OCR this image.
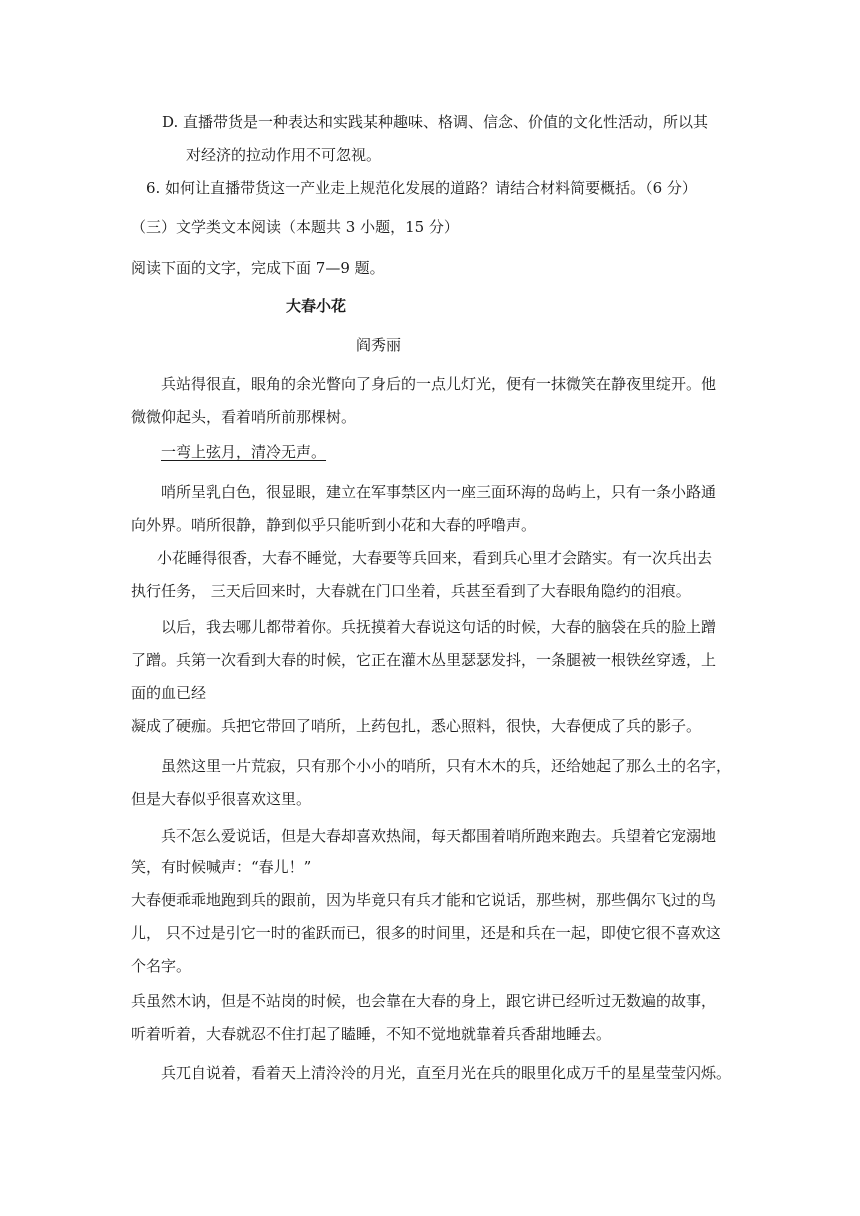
D. 直播带货是一种表达和实践某种趣味、格调、信念、价值的文化性活动，所以其
对经济的拉动作用不可忽视。
6. 如何让直播带货这一产业走上规范化发展的道路？请结合材料简要概括。（6 分）
（三）文学类文本阅读（本题共 3 小题，15 分）
阅读下面的文字，完成下面 7—9 题。
大春小花
阎秀丽
兵站得很直，眼角的余光瞥向了身后的一点儿灯光，便有一抹微笑在静夜里绽开。他
微微仰起头，看着哨所前那棵树。
一弯上弦月，清冷无声。
哨所呈乳白色，很显眼，建立在军事禁区内一座三面环海的岛屿上，只有一条小路通
向外界。哨所很静，静到似乎只能听到小花和大春的呼噜声。
小花睡得很香，大春不睡觉，大春要等兵回来，看到兵心里才会踏实。有一次兵出去
执行任务， 三天后回来时，大春就在门口坐着，兵甚至看到了大春眼角隐约的泪痕。
以后，我去哪儿都带着你。兵抚摸着大春说这句话的时候，大春的脑袋在兵的脸上蹭
了蹭。兵第一次看到大春的时候，它正在灌木丛里瑟瑟发抖，一条腿被一根铁丝穿透，上
面的血已经
凝成了硬痂。兵把它带回了哨所，上药包扎，悉心照料，很快，大春便成了兵的影子。
虽然这里一片荒寂，只有那个小小的哨所，只有木木的兵，还给她起了那么土的名字，
但是大春似乎很喜欢这里。
兵不怎么爱说话，但是大春却喜欢热闹，每天都围着哨所跑来跑去。兵望着它宠溺地
笑，有时候喊声：“春儿！”
大春便乖乖地跑到兵的跟前，因为毕竟只有兵才能和它说话，那些树，那些偶尔飞过的鸟
儿， 只不过是引它一时的雀跃而已，很多的时间里，还是和兵在一起，即使它很不喜欢这
个名字。
兵虽然木讷，但是不站岗的时候，也会靠在大春的身上，跟它讲已经听过无数遍的故事，
听着听着，大春就忍不住打起了瞌睡，不知不觉地就靠着兵香甜地睡去。
兵兀自说着，看着天上清泠泠的月光，直至月光在兵的眼里化成万千的星星莹莹闪烁。
